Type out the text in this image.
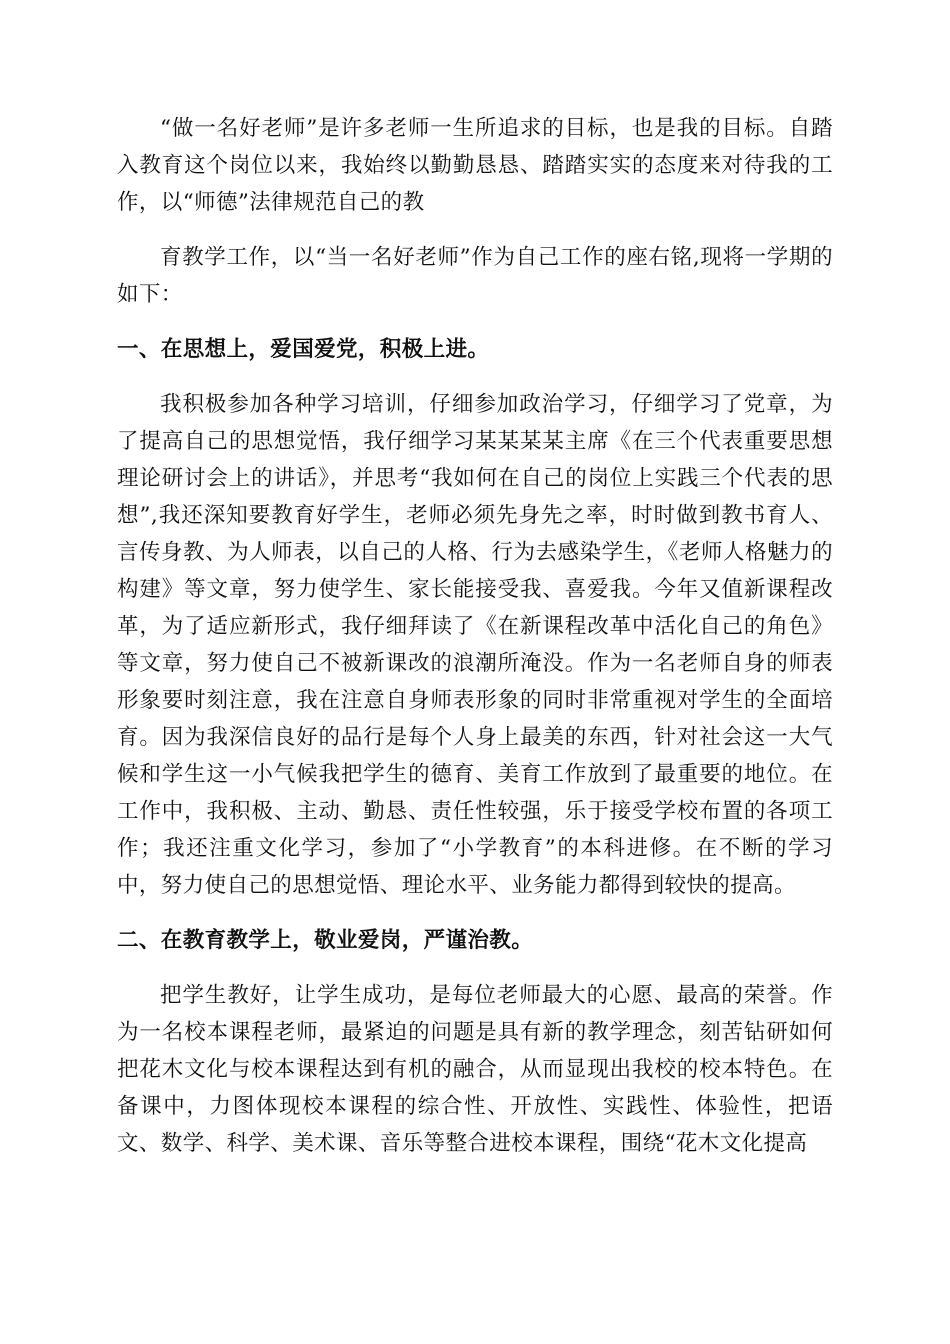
“做一名好老师”是许多老师一生所追求的目标，也是我的目标。自踏入教育这个岗位以来，我始终以勤勤恳恳、踏踏实实的态度来对待我的工作，以“师德”法律规范自己的教

育教学工作，以“当一名好老师”作为自己工作的座右铭,现将一学期的如下：

一、在思想上，爱国爱党，积极上进。

我积极参加各种学习培训，仔细参加政治学习，仔细学习了党章，为了提高自己的思想觉悟，我仔细学习某某某某主席《在三个代表重要思想理论研讨会上的讲话》，并思考“我如何在自己的岗位上实践三个代表的思想”,我还深知要教育好学生，老师必须先身先之率，时时做到教书育人、言传身教、为人师表，以自己的人格、行为去感染学生，《老师人格魅力的构建》等文章，努力使学生、家长能接受我、喜爱我。今年又值新课程改革，为了适应新形式，我仔细拜读了《在新课程改革中活化自己的角色》等文章，努力使自己不被新课改的浪潮所淹没。作为一名老师自身的师表形象要时刻注意，我在注意自身师表形象的同时非常重视对学生的全面培育。因为我深信良好的品行是每个人身上最美的东西，针对社会这一大气候和学生这一小气候我把学生的德育、美育工作放到了最重要的地位。在工作中，我积极、主动、勤恳、责任性较强，乐于接受学校布置的各项工作；我还注重文化学习，参加了“小学教育”的本科进修。在不断的学习中，努力使自己的思想觉悟、理论水平、业务能力都得到较快的提高。

二、在教育教学上，敬业爱岗，严谨治教。

把学生教好，让学生成功，是每位老师最大的心愿、最高的荣誉。作为一名校本课程老师，最紧迫的问题是具有新的教学理念，刻苦钻研如何把花木文化与校本课程达到有机的融合，从而显现出我校的校本特色。在备课中，力图体现校本课程的综合性、开放性、实践性、体验性，把语文、数学、科学、美术课、音乐等整合进校本课程，围绕“花木文化提高
